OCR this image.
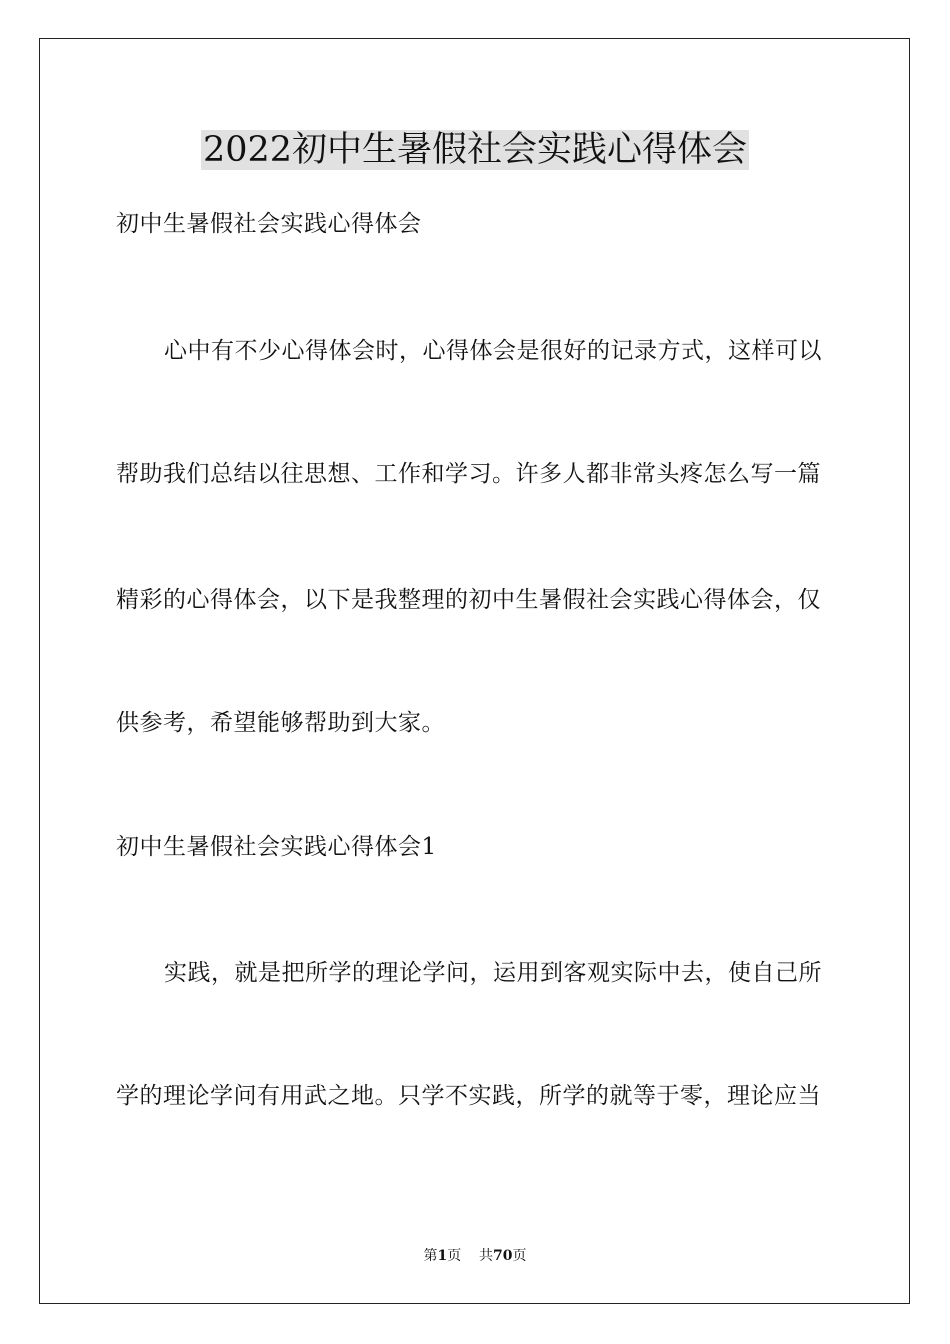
2022初中生暑假社会实践心得体会
初中生暑假社会实践心得体会
心中有不少心得体会时，心得体会是很好的记录方式，这样可以
帮助我们总结以往思想、工作和学习。许多人都非常头疼怎么写一篇
精彩的心得体会，以下是我整理的初中生暑假社会实践心得体会，仅
供参考，希望能够帮助到大家。
初中生暑假社会实践心得体会1
实践，就是把所学的理论学问，运用到客观实际中去，使自己所
学的理论学问有用武之地。只学不实践，所学的就等于零，理论应当
第1页 共70页
